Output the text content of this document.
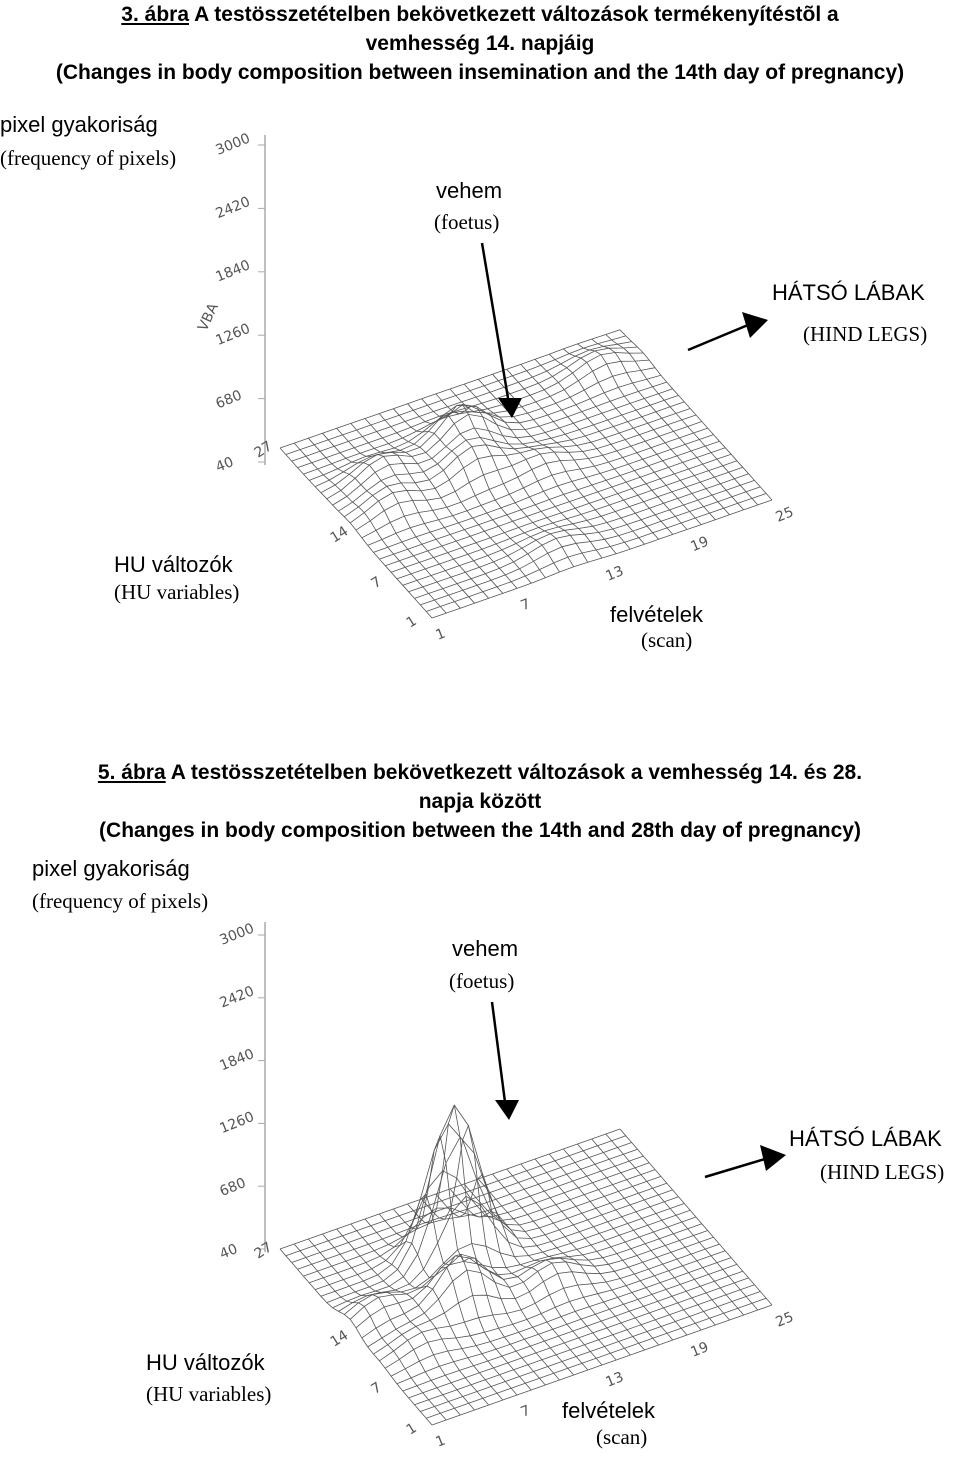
3. ábra A testösszetételben bekövetkezett változások termékenyítéstõl a
vemhesség 14. napjáig
(Changes in body composition between insemination and the 14th day of pregnancy)
pixel gyakoriság
(frequency of pixels)
vehem
(foetus)
HÁTSÓ LÁBAK
(HIND LEGS)
HU változók
(HU variables)
felvételek
(scan)
40
680
1260
1840
2420
3000
VBA
1
7
14
27
1
7
13
19
25
5. ábra A testösszetételben bekövetkezett változások a vemhesség 14. és 28.
napja között
(Changes in body composition between the 14th and 28th day of pregnancy)
pixel gyakoriság
(frequency of pixels)
vehem
(foetus)
HÁTSÓ LÁBAK
(HIND LEGS)
HU változók
(HU variables)
felvételek
(scan)
40
680
1260
1840
2420
3000
1
7
14
27
1
7
13
19
25
